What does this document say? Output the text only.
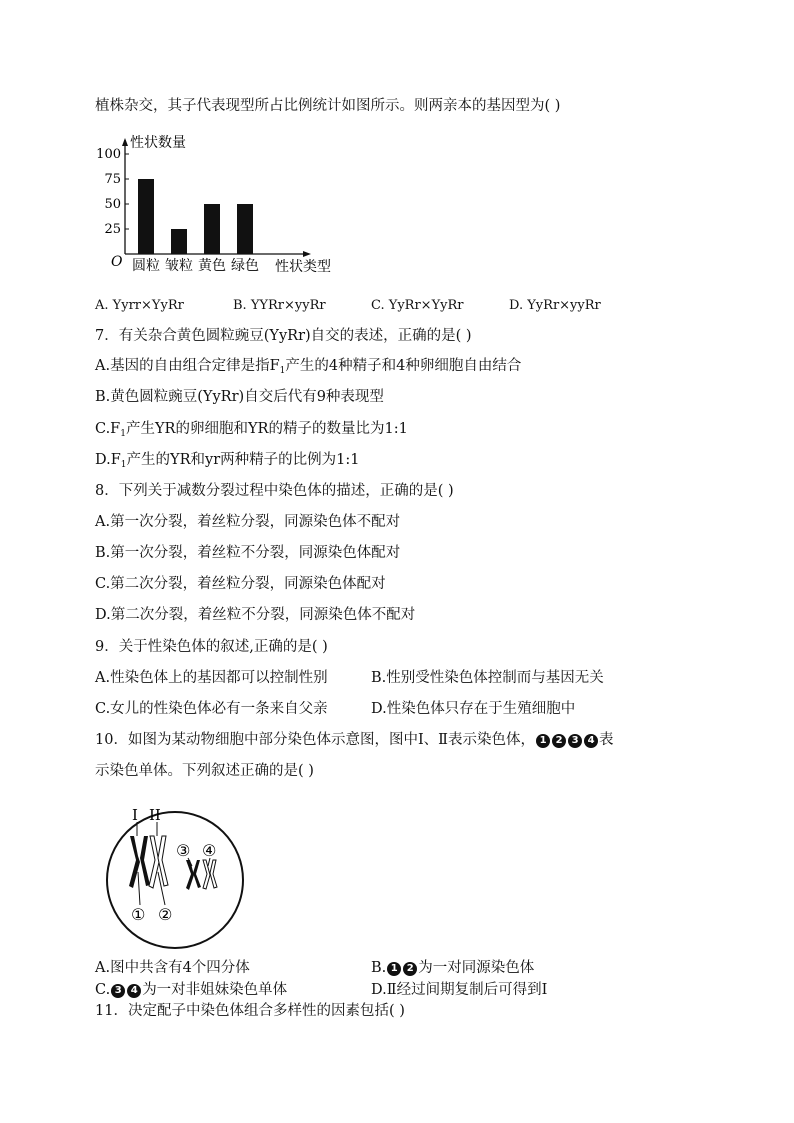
植株杂交，其子代表现型所占比例统计如图所示。则两亲本的基因型为( )
性状数量
O
25
50
75
100
圆粒 皱粒 黄色 绿色 性状类型
A. Yyrr×YyRr	B. YYRr×yyRr	C. YyRr×YyRr	D. YyRr×yyRr
7．有关杂合黄色圆粒豌豆(YyRr)自交的表述，正确的是( )
A.基因的自由组合定律是指$F_1$产生的4种精子和4种卵细胞自由结合
B.黄色圆粒豌豆(YyRr)自交后代有9种表现型
$C.F_1$产生YR的卵细胞和YR的精子的数量比为1:1
$D.F_1$产生的YR和yr两种精子的比例为1:1
8．下列关于减数分裂过程中染色体的描述，正确的是( )
A.第一次分裂，着丝粒分裂，同源染色体不配对
B.第一次分裂，着丝粒不分裂，同源染色体配对
C.第二次分裂，着丝粒分裂，同源染色体配对
D.第二次分裂，着丝粒不分裂，同源染色体不配对
9．关于性染色体的叙述,正确的是( )
A.性染色体上的基因都可以控制性别	B.性别受性染色体控制而与基因无关
C.女儿的性染色体必有一条来自父亲	D.性染色体只存在于生殖细胞中
10．如图为某动物细胞中部分染色体示意图，图中Ⅰ、Ⅱ表示染色体， 1 2 3 4 表
示染色单体。下列叙述正确的是( )
I II
① ②
③ ④
A.图中共含有4个四分体	B. 1 2 为一对同源染色体
C. 3 4 为一对非姐妹染色单体	D.Ⅱ经过间期复制后可得到I
11．决定配子中染色体组合多样性的因素包括( )
